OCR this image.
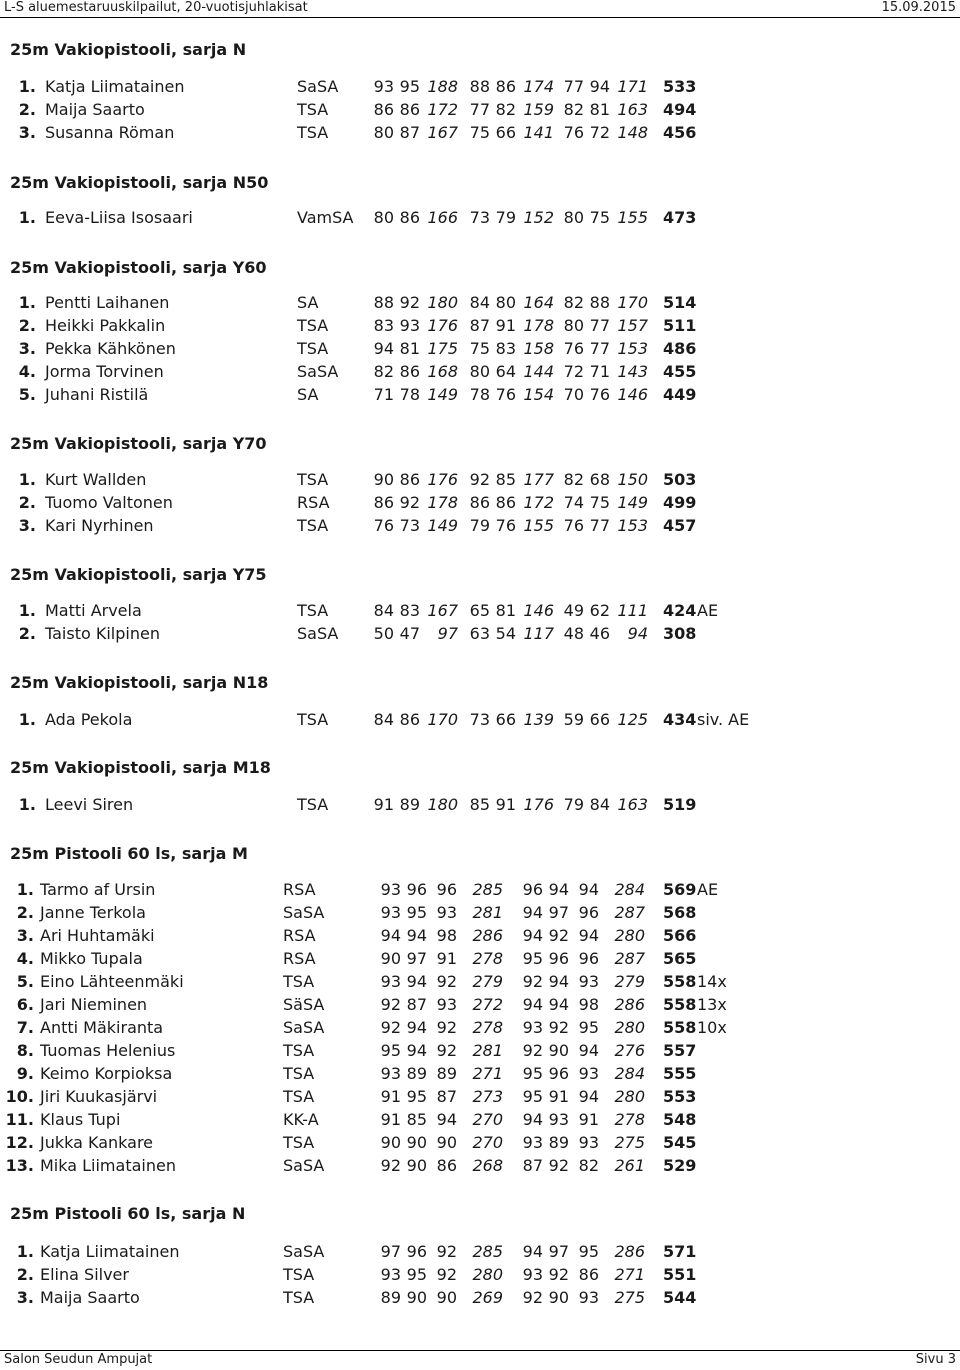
L-S aluemestaruuskilpailut, 20-vuotisjuhlakisat	15.09.2015
25m Vakiopistooli, sarja N
1. Katja Liimatainen	SaSA 93 95 188 88 86 174 77 94 171 533
2. Maija Saarto	TSA	86 86 172 77 82 159 82 81 163 494
3. Susanna Röman	TSA	80 87 167 75 66 141 76 72 148 456
25m Vakiopistooli, sarja N50
1. Eeva-Liisa Isosaari	VamSA 80 86 166 73 79 152 80 75 155 473
25m Vakiopistooli, sarja Y60
1. Pentti Laihanen	SA	88 92 180 84 80 164 82 88 170 514
2. Heikki Pakkalin	TSA	83 93 176 87 91 178 80 77 157 511
3. Pekka Kähkönen	TSA	94 81 175 75 83 158 76 77 153 486
4. Jorma Torvinen	SaSA 82 86 168 80 64 144 72 71 143 455
5. Juhani Ristilä	SA	71 78 149 78 76 154 70 76 146 449
25m Vakiopistooli, sarja Y70
1. Kurt Wallden	TSA	90 86 176 92 85 177 82 68 150 503
2. Tuomo Valtonen	RSA	86 92 178 86 86 172 74 75 149 499
3. Kari Nyrhinen	TSA	76 73 149 79 76 155 76 77 153 457
25m Vakiopistooli, sarja Y75
1. Matti Arvela	TSA	84 83 167 65 81 146 49 62 111 424 AE
2. Taisto Kilpinen	SaSA 50 47	97 63 54 117 48 46	94 308
25m Vakiopistooli, sarja N18
1. Ada Pekola	TSA	84 86 170 73 66 139 59 66 125 434 siv. AE
25m Vakiopistooli, sarja M18
1. Leevi Siren	TSA	91 89 180 85 91 176 79 84 163 519
25m Pistooli 60 ls, sarja M
1. Tarmo af Ursin	RSA	93 96 96 285	96 94 94 284 569 AE
2. Janne Terkola	SaSA	93 95 93 281	94 97 96 287 568
3. Ari Huhtamäki	RSA	94 94 98 286	94 92 94 280 566
4. Mikko Tupala	RSA	90 97 91 278	95 96 96 287 565
5. Eino Lähteenmäki	TSA	93 94 92 279	92 94 93 279 558 14x
6. Jari Nieminen	SäSA	92 87 93 272	94 94 98 286 558 13x
7. Antti Mäkiranta	SaSA	92 94 92 278	93 92 95 280 558 10x
8. Tuomas Helenius	TSA	95 94 92 281	92 90 94 276 557
9. Keimo Korpioksa	TSA	93 89 89 271	95 96 93 284 555
10. Jiri Kuukasjärvi	TSA	91 95 87 273	95 91 94 280 553
11. Klaus Tupi	KK-A	91 85 94 270	94 93 91 278 548
12. Jukka Kankare	TSA	90 90 90 270	93 89 93 275 545
13. Mika Liimatainen	SaSA	92 90 86 268	87 92 82 261 529
25m Pistooli 60 ls, sarja N
1. Katja Liimatainen	SaSA	97 96 92 285	94 97 95 286 571
2. Elina Silver	TSA	93 95 92 280	93 92 86 271 551
3. Maija Saarto	TSA	89 90 90 269	92 90 93 275 544
Salon Seudun Ampujat	Sivu 3
